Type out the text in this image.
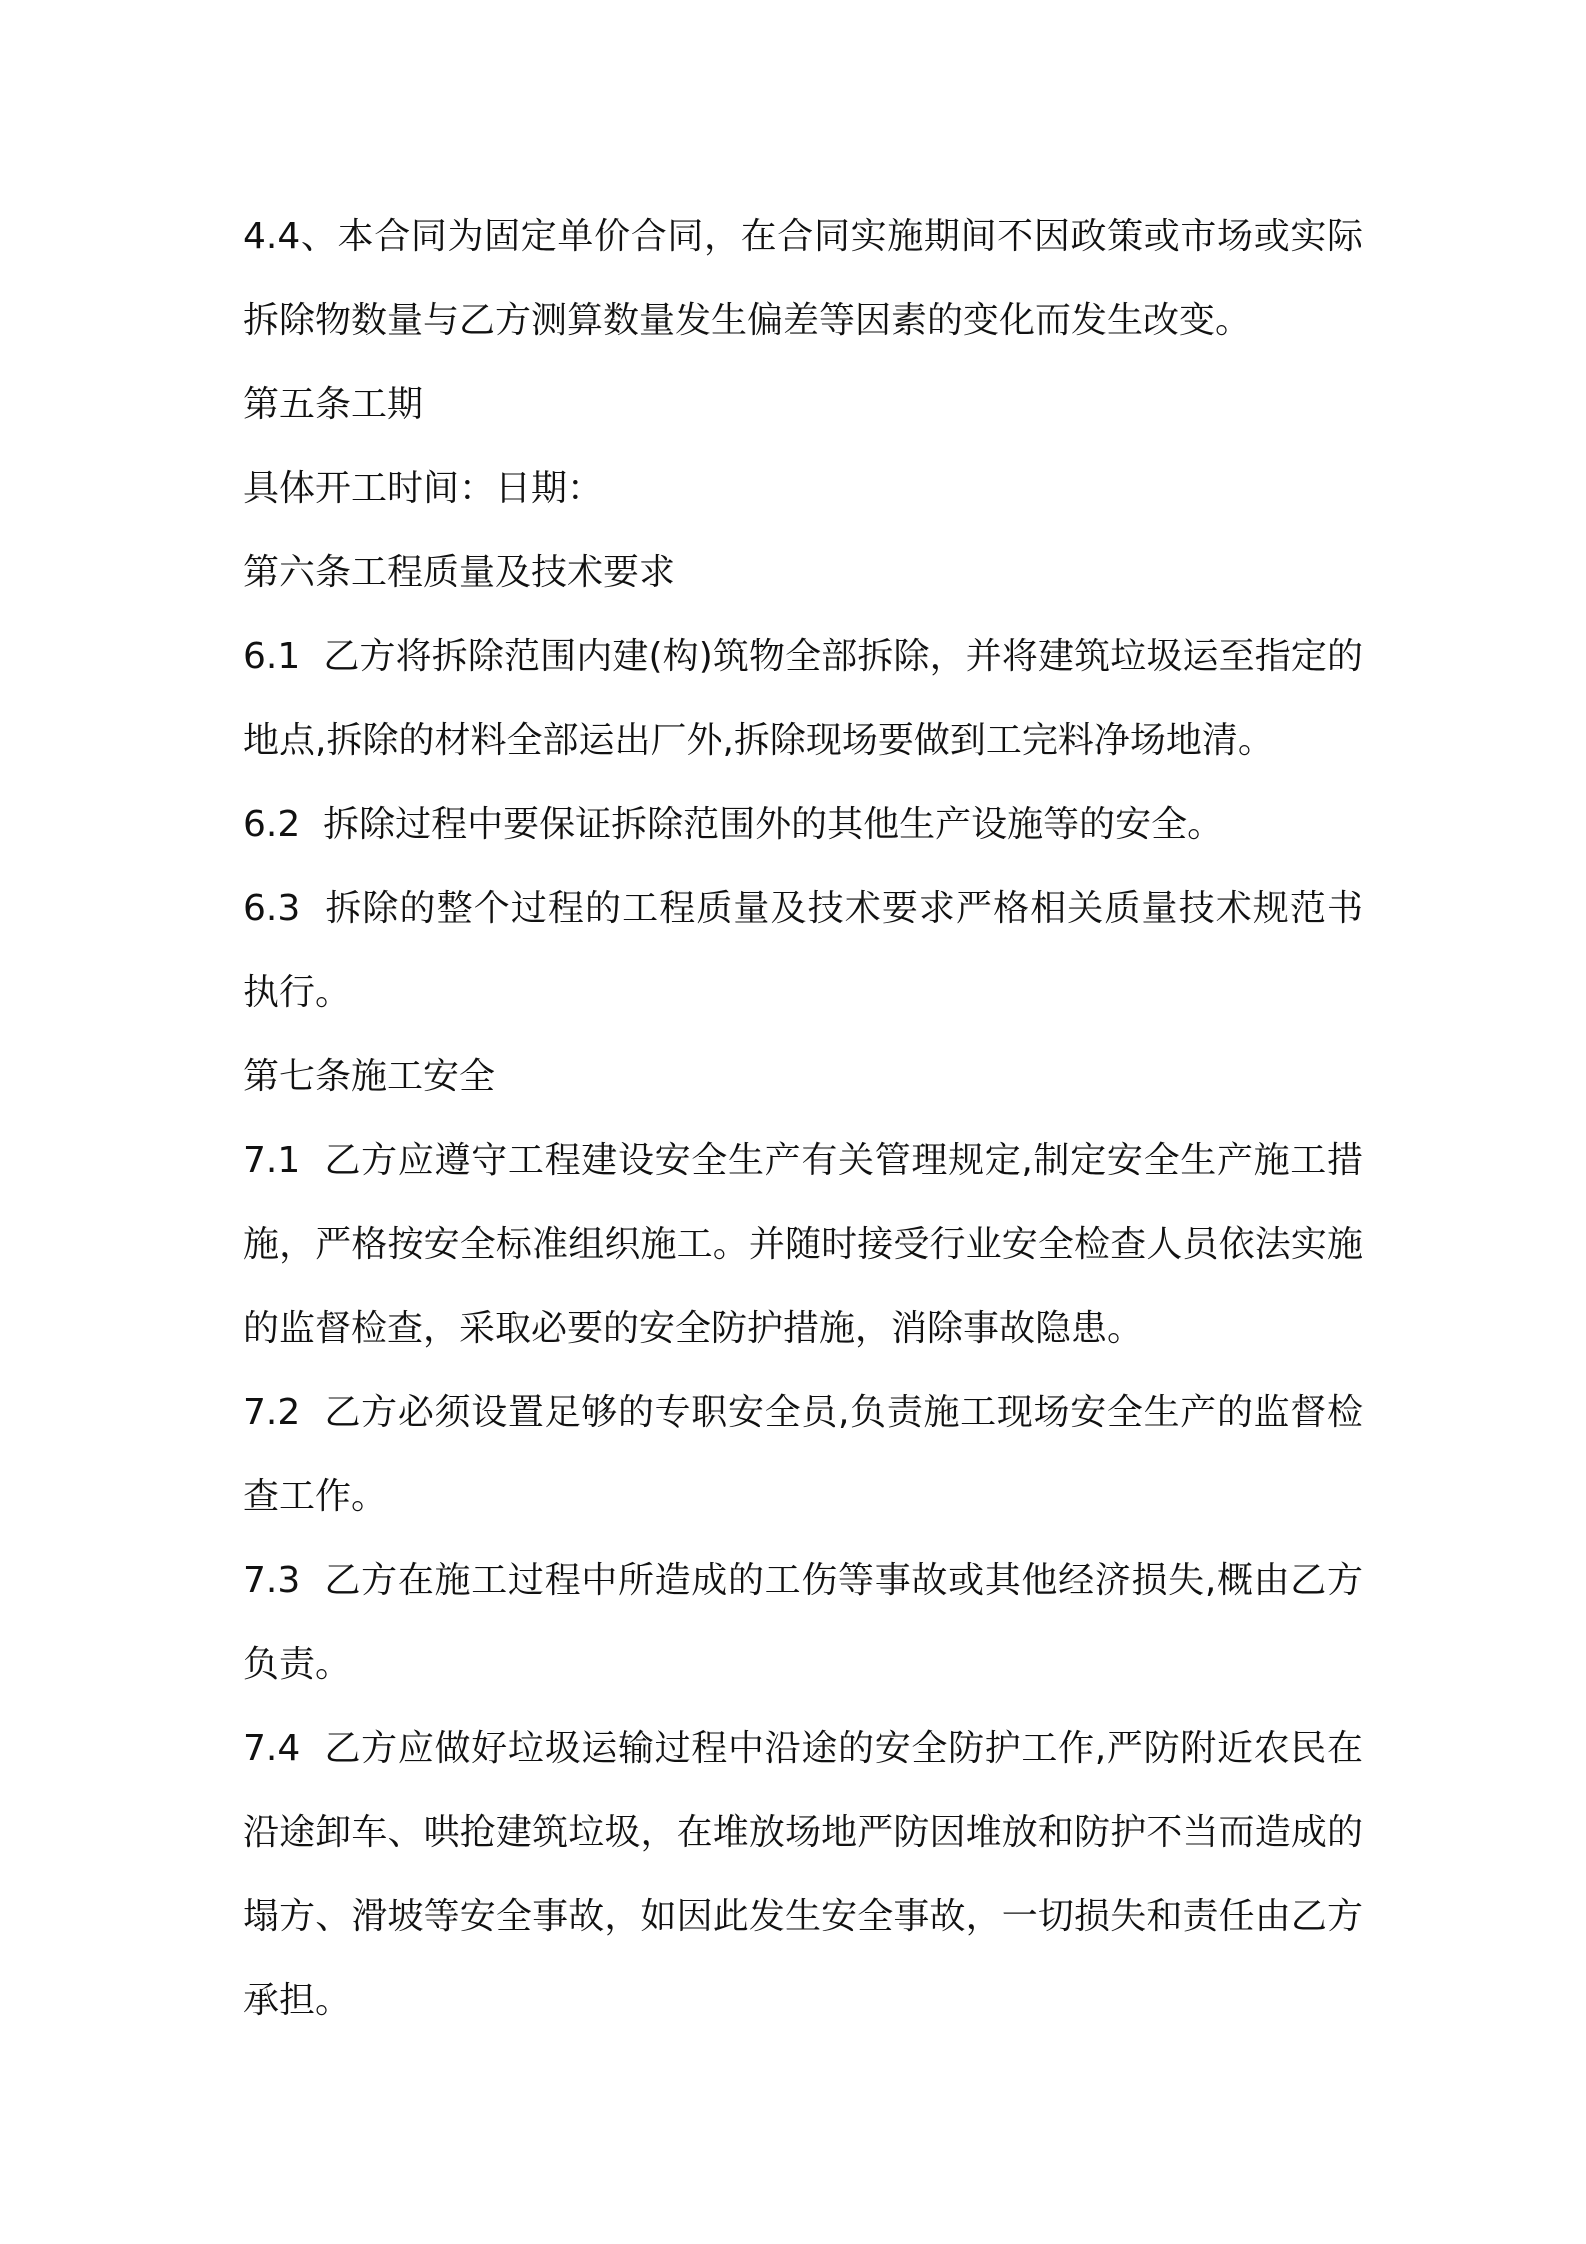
4.4、本合同为固定单价合同，在合同实施期间不因政策或市场或实际拆除物数量与乙方测算数量发生偏差等因素的变化而发生改变。

第五条工期

具体开工时间：日期：

第六条工程质量及技术要求

6.1  乙方将拆除范围内建(构)筑物全部拆除，并将建筑垃圾运至指定的地点,拆除的材料全部运出厂外,拆除现场要做到工完料净场地清。

6.2  拆除过程中要保证拆除范围外的其他生产设施等的安全。

6.3  拆除的整个过程的工程质量及技术要求严格相关质量技术规范书执行。

第七条施工安全

7.1  乙方应遵守工程建设安全生产有关管理规定,制定安全生产施工措施，严格按安全标准组织施工。并随时接受行业安全检查人员依法实施的监督检查，采取必要的安全防护措施，消除事故隐患。

7.2  乙方必须设置足够的专职安全员,负责施工现场安全生产的监督检查工作。

7.3  乙方在施工过程中所造成的工伤等事故或其他经济损失,概由乙方负责。

7.4  乙方应做好垃圾运输过程中沿途的安全防护工作,严防附近农民在沿途卸车、哄抢建筑垃圾，在堆放场地严防因堆放和防护不当而造成的塌方、滑坡等安全事故，如因此发生安全事故，一切损失和责任由乙方承担。
